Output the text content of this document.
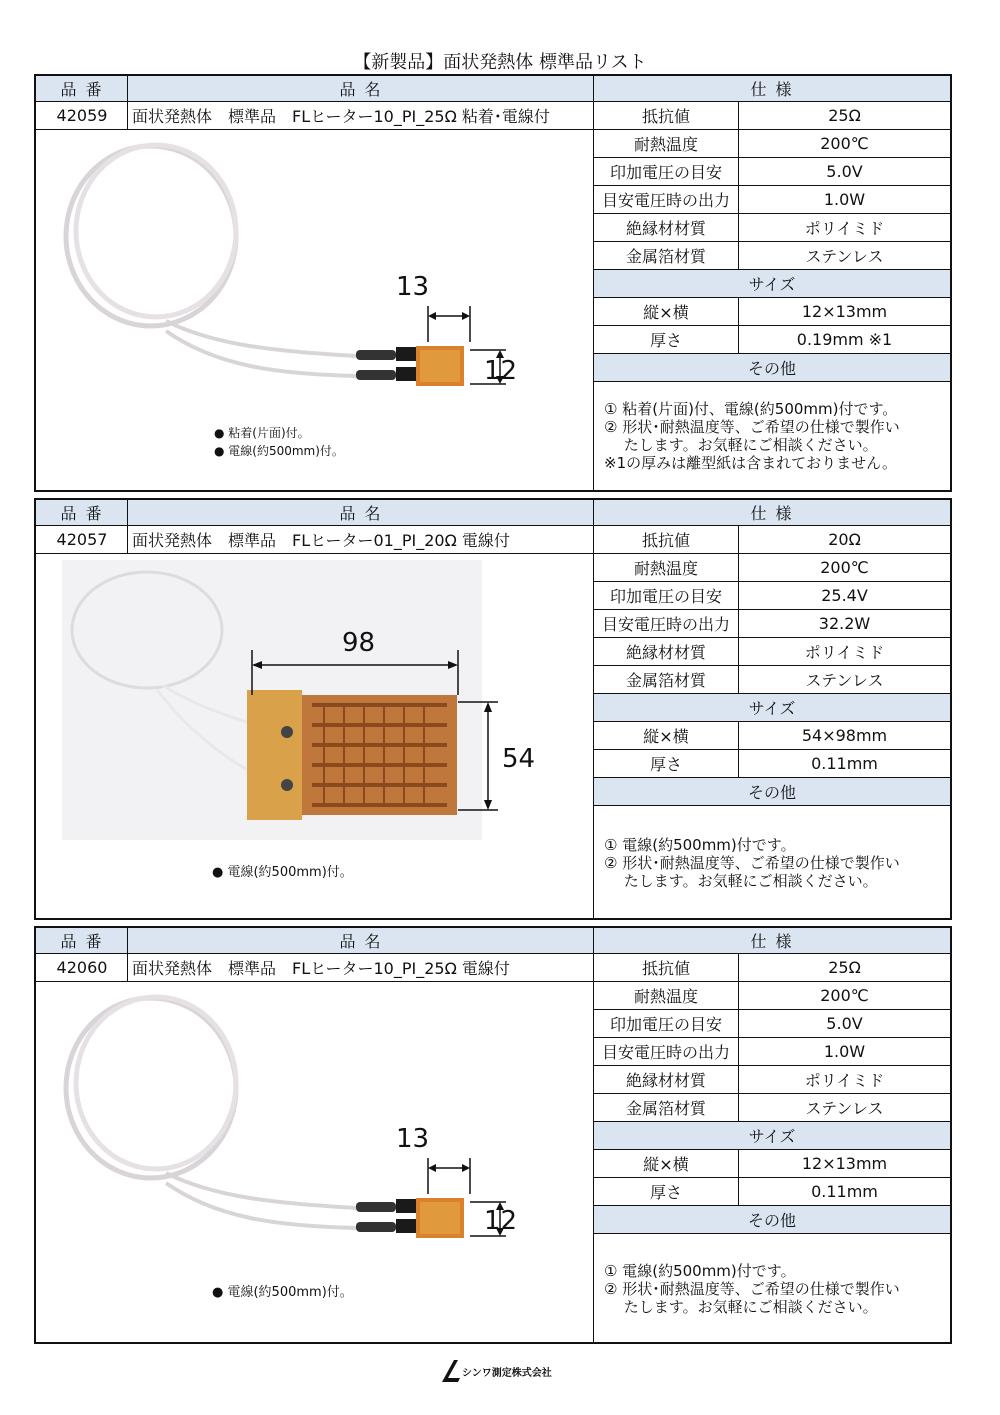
【新製品】面状発熱体 標準品リスト
品 番	品 名	仕 様
42059	面状発熱体　標準品　FLヒーター10_PI_25Ω 粘着･電線付
13
12
● 粘着(片面)付。
● 電線(約500mm)付。
抵抗値	25Ω
耐熱温度	200℃
印加電圧の目安	5.0V
目安電圧時の出力	1.0W
絶縁材材質	ポリイミド
金属箔材質	ステンレス
サイズ
縦×横	12×13mm
厚さ	0.19mm ※1
その他
① 粘着(片面)付、電線(約500mm)付です。
② 形状･耐熱温度等、ご希望の仕様で製作い
　 たします。お気軽にご相談ください。
※1の厚みは離型紙は含まれておりません。
品 番	品 名	仕 様
42057	面状発熱体　標準品　FLヒーター01_PI_20Ω 電線付
98
54
● 電線(約500mm)付。
抵抗値	20Ω
耐熱温度	200℃
印加電圧の目安	25.4V
目安電圧時の出力	32.2W
絶縁材材質	ポリイミド
金属箔材質	ステンレス
サイズ
縦×横	54×98mm
厚さ	0.11mm
その他
① 電線(約500mm)付です。
② 形状･耐熱温度等、ご希望の仕様で製作い
　 たします。お気軽にご相談ください。
品 番	品 名	仕 様
42060	面状発熱体　標準品　FLヒーター10_PI_25Ω 電線付
13
12
● 電線(約500mm)付。
抵抗値	25Ω
耐熱温度	200℃
印加電圧の目安	5.0V
目安電圧時の出力	1.0W
絶縁材材質	ポリイミド
金属箔材質	ステンレス
サイズ
縦×横	12×13mm
厚さ	0.11mm
その他
① 電線(約500mm)付です。
② 形状･耐熱温度等、ご希望の仕様で製作い
　 たします。お気軽にご相談ください。
シンワ測定株式会社
